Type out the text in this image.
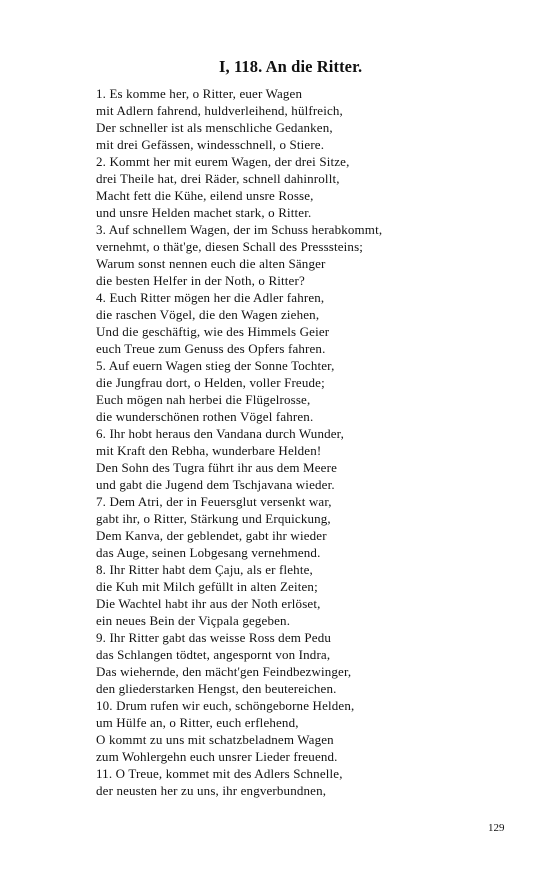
I, 118. An die Ritter.
1. Es komme her, o Ritter, euer Wagen
mit Adlern fahrend, huldverleihend, hülfreich,
Der schneller ist als menschliche Gedanken,
mit drei Gefässen, windesschnell, o Stiere.
2. Kommt her mit eurem Wagen, der drei Sitze,
drei Theile hat, drei Räder, schnell dahinrollt,
Macht fett die Kühe, eilend unsre Rosse,
und unsre Helden machet stark, o Ritter.
3. Auf schnellem Wagen, der im Schuss herabkommt,
vernehmt, o thät'ge, diesen Schall des Presssteins;
Warum sonst nennen euch die alten Sänger
die besten Helfer in der Noth, o Ritter?
4. Euch Ritter mögen her die Adler fahren,
die raschen Vögel, die den Wagen ziehen,
Und die geschäftig, wie des Himmels Geier
euch Treue zum Genuss des Opfers fahren.
5. Auf euern Wagen stieg der Sonne Tochter,
die Jungfrau dort, o Helden, voller Freude;
Euch mögen nah herbei die Flügelrosse,
die wunderschönen rothen Vögel fahren.
6. Ihr hobt heraus den Vandana durch Wunder,
mit Kraft den Rebha, wunderbare Helden!
Den Sohn des Tugra führt ihr aus dem Meere
und gabt die Jugend dem Tschjavana wieder.
7. Dem Atri, der in Feuersglut versenkt war,
gabt ihr, o Ritter, Stärkung und Erquickung,
Dem Kanva, der geblendet, gabt ihr wieder
das Auge, seinen Lobgesang vernehmend.
8. Ihr Ritter habt dem Çaju, als er flehte,
die Kuh mit Milch gefüllt in alten Zeiten;
Die Wachtel habt ihr aus der Noth erlöset,
ein neues Bein der Viçpala gegeben.
9. Ihr Ritter gabt das weisse Ross dem Pedu
das Schlangen tödtet, angespornt von Indra,
Das wiehernde, den mächt'gen Feindbezwinger,
den gliederstarken Hengst, den beutereichen.
10. Drum rufen wir euch, schöngeborne Helden,
um Hülfe an, o Ritter, euch erflehend,
O kommt zu uns mit schatzbeladnem Wagen
zum Wohlergehn euch unsrer Lieder freuend.
11. O Treue, kommet mit des Adlers Schnelle,
der neusten her zu uns, ihr engverbundnen,
129
